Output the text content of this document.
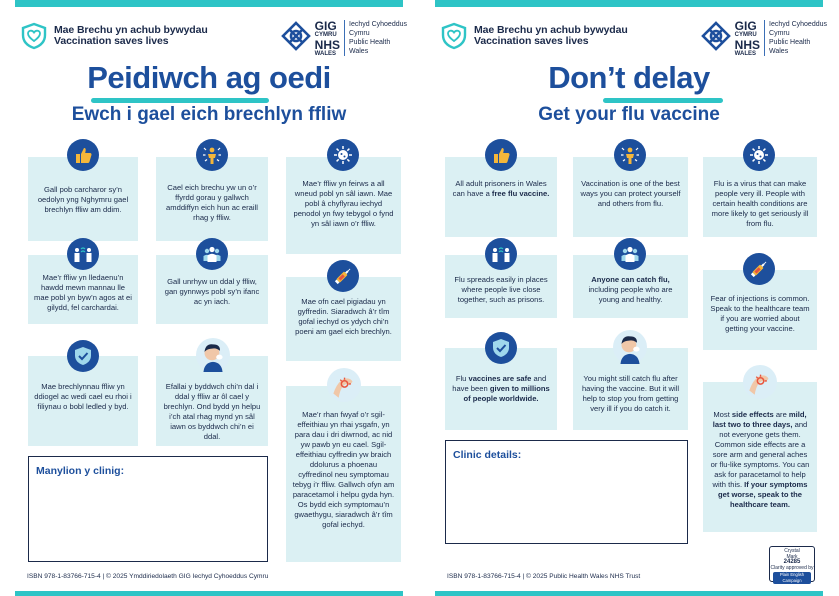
Mae Brechu yn achub bywydau
Vaccination saves lives
GIG
CYMRU
NHS
WALES
Iechyd Cyhoeddus
Cymru
Public Health
Wales
Peidiwch ag oedi
Ewch i gael eich brechlyn ffliw

Gall pob carcharor sy’n oedolyn yng Nghymru gael brechlyn ffliw am ddim.

Cael eich brechu yw un o’r ffyrdd gorau y gallwch amddiffyn eich hun ac eraill rhag y ffliw.

Mae’r ffliw yn feirws a all wneud pobl yn sâl iawn. Mae pobl â chyflyrau iechyd penodol yn fwy tebygol o fynd yn sâl iawn o’r ffliw.

Mae’r ffliw yn lledaenu’n hawdd mewn mannau lle mae pobl yn byw’n agos at ei gilydd, fel carchardai.

Gall unrhyw un ddal y ffliw, gan gynnwys pobl sy’n ifanc ac yn iach.	Mae ofn cael pigiadau yn gyffredin. Siaradwch â’r tîm gofal iechyd os ydych chi’n poeni am gael eich brechlyn.

Mae brechlynnau ffliw yn ddiogel ac wedi cael eu rhoi i filiynau o bobl ledled y byd.

Efallai y byddwch chi’n dal i ddal y ffliw ar ôl cael y brechlyn. Ond bydd yn helpu i’ch atal rhag mynd yn sâl iawn os byddwch chi’n ei ddal.

Mae’r rhan fwyaf o’r sgil-effeithiau yn rhai ysgafn, yn para dau i dri diwrnod, ac nid yw pawb yn eu cael. Sgil-effeithiau cyffredin yw braich ddolurus a phoenau cyffredinol neu symptomau tebyg i’r ffliw. Gallwch ofyn am paracetamol i helpu gyda hyn. Os bydd eich symptomau’n gwaethygu, siaradwch â’r tîm gofal iechyd.

Manylion y clinig:
ISBN 978-1-83766-715-4 | © 2025 Ymddiriedolaeth GIG Iechyd Cyhoeddus Cymru
Mae Brechu yn achub bywydau
Vaccination saves lives
GIG
CYMRU
NHS
WALES
Iechyd Cyhoeddus
Cymru
Public Health
Wales
Don’t delay
Get your flu vaccine

All adult prisoners in Wales can have a free flu vaccine.

Vaccination is one of the best ways you can protect yourself and others from flu.

Flu is a virus that can make people very ill. People with certain health conditions are more likely to get seriously ill from flu.

Flu spreads easily in places where people live close together, such as prisons.

Anyone can catch flu, including people who are young and healthy.	Fear of injections is common. Speak to the healthcare team if you are worried about getting your vaccine.

Flu vaccines are safe and have been given to millions of people worldwide.

You might still catch flu after having the vaccine. But it will help to stop you from getting very ill if you do catch it.

Most side effects are mild, last two to three days, and not everyone gets them. Common side effects are a sore arm and general aches or flu-like symptoms. You can ask for paracetamol to help with this. If your symptoms get worse, speak to the healthcare team.

Clinic details:
ISBN 978-1-83766-715-4 | © 2025 Public Health Wales NHS Trust
Crystal
Mark
24285
Clarity approved by
Plain English Campaign
